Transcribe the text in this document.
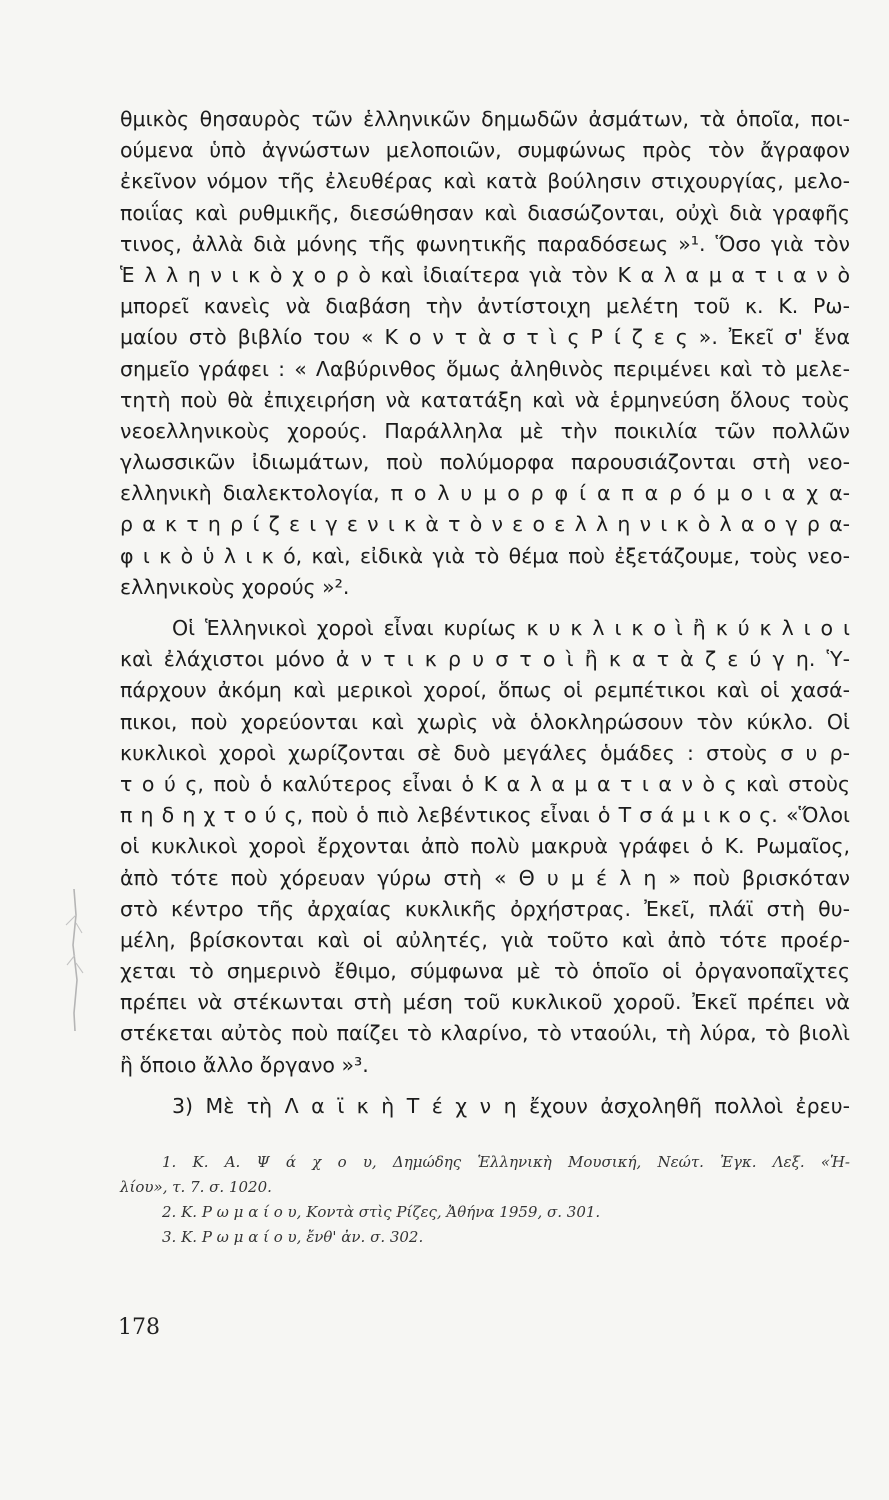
θμικὸς θησαυρὸς τῶν ἑλληνικῶν δημωδῶν ἀσμάτων, τὰ ὁποῖα, ποι-
ούμενα ὑπὸ ἀγνώστων μελοποιῶν, συμφώνως πρὸς τὸν ἄγραφον
ἐκεῖνον νόμον τῆς ἐλευθέρας καὶ κατὰ βούλησιν στιχουργίας, μελο-
ποιΐας καὶ ρυθμικῆς, διεσώθησαν καὶ διασώζονται, οὐχὶ διὰ γραφῆς
τινος, ἀλλὰ διὰ μόνης τῆς φωνητικῆς παραδόσεως »¹. Ὅσο γιὰ τὸν
Ἑ λ λ η ν ι κ ὸ χ ο ρ ὸ καὶ ἰδιαίτερα γιὰ τὸν Κ α λ α μ α τ ι α ν ὸ
μπορεῖ κανεὶς νὰ διαβάση τὴν ἀντίστοιχη μελέτη τοῦ κ. Κ. Ρω-
μαίου στὸ βιβλίο του « Κ ο ν τ ὰ σ τ ὶ ς Ρ ί ζ ε ς ». Ἐκεῖ σ' ἕνα
σημεῖο γράφει : « Λαβύρινθος ὅμως ἀληθινὸς περιμένει καὶ τὸ μελε-
τητὴ ποὺ θὰ ἐπιχειρήση νὰ κατατάξη καὶ νὰ ἑρμηνεύση ὅλους τοὺς
νεοελληνικοὺς χορούς. Παράλληλα μὲ τὴν ποικιλία τῶν πολλῶν
γλωσσικῶν ἰδιωμάτων, ποὺ πολύμορφα παρουσιάζονται στὴ νεο-
ελληνικὴ διαλεκτολογία, π ο λ υ μ ο ρ φ ί α π α ρ ό μ ο ι α χ α-
ρ α κ τ η ρ ί ζ ε ι γ ε ν ι κ ὰ τ ὸ ν ε ο ε λ λ η ν ι κ ὸ λ α ο γ ρ α-
φ ι κ ὸ ὑ λ ι κ ό, καὶ, εἰδικὰ γιὰ τὸ θέμα ποὺ ἐξετάζουμε, τοὺς νεο-
ελληνικοὺς χορούς »².
Οἱ Ἑλληνικοὶ χοροὶ εἶναι κυρίως κ υ κ λ ι κ ο ὶ ἢ κ ύ κ λ ι ο ι
καὶ ἐλάχιστοι μόνο ἀ ν τ ι κ ρ υ σ τ ο ὶ ἢ κ α τ ὰ ζ ε ύ γ η. Ὑ-
πάρχουν ἀκόμη καὶ μερικοὶ χοροί, ὅπως οἱ ρεμπέτικοι καὶ οἱ χασά-
πικοι, ποὺ χορεύονται καὶ χωρὶς νὰ ὁλοκληρώσουν τὸν κύκλο. Οἱ
κυκλικοὶ χοροὶ χωρίζονται σὲ δυὸ μεγάλες ὁμάδες : στοὺς σ υ ρ-
τ ο ύ ς, ποὺ ὁ καλύτερος εἶναι ὁ Κ α λ α μ α τ ι α ν ὸ ς καὶ στοὺς
π η δ η χ τ ο ύ ς, ποὺ ὁ πιὸ λεβέντικος εἶναι ὁ Τ σ ά μ ι κ ο ς. «Ὅλοι
οἱ κυκλικοὶ χοροὶ ἔρχονται ἀπὸ πολὺ μακρυὰ γράφει ὁ Κ. Ρωμαῖος,
ἀπὸ τότε ποὺ χόρευαν γύρω στὴ « Θ υ μ έ λ η » ποὺ βρισκόταν
στὸ κέντρο τῆς ἀρχαίας κυκλικῆς ὀρχήστρας. Ἐκεῖ, πλάϊ στὴ θυ-
μέλη, βρίσκονται καὶ οἱ αὐλητές, γιὰ τοῦτο καὶ ἀπὸ τότε προέρ-
χεται τὸ σημερινὸ ἔθιμο, σύμφωνα μὲ τὸ ὁποῖο οἱ ὀργανοπαῖχτες
πρέπει νὰ στέκωνται στὴ μέση τοῦ κυκλικοῦ χοροῦ. Ἐκεῖ πρέπει νὰ
στέκεται αὐτὸς ποὺ παίζει τὸ κλαρίνο, τὸ νταούλι, τὴ λύρα, τὸ βιολὶ
ἢ ὅποιο ἄλλο ὄργανο »³.
3) Μὲ τὴ Λ α ϊ κ ὴ Τ έ χ ν η ἔχουν ἀσχοληθῆ πολλοὶ ἐρευ-
1. Κ. Α. Ψ ά χ ο υ, Δημώδης Ἑλληνικὴ Μουσική, Νεώτ. Ἐγκ. Λεξ. «Ἡ-
λίου», τ. 7. σ. 1020.
2. Κ. Ρ ω μ α ί ο υ, Κοντὰ στὶς Ρίζες, Ἀθήνα 1959, σ. 301.
3. Κ. Ρ ω μ α ί ο υ, ἔνθ' ἀν. σ. 302.
178
